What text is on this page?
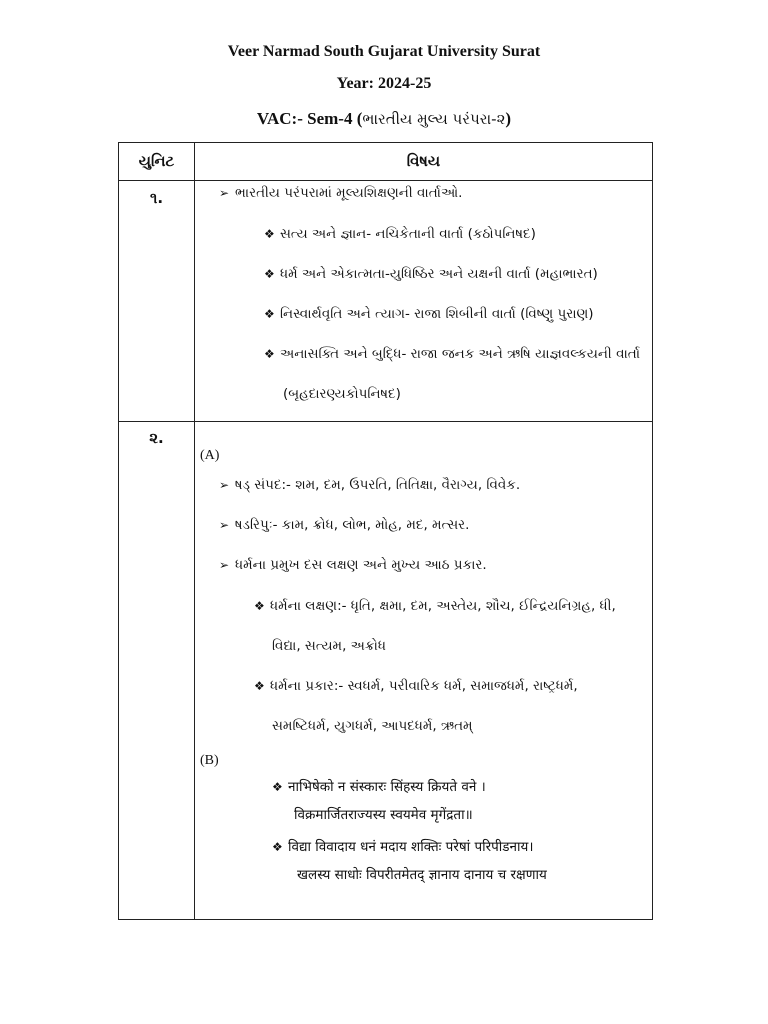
Veer Narmad South Gujarat University Surat
Year: 2024-25
VAC:- Sem-4 (ભારતીય મુલ્ય પરંપરા-૨)
યુનિટ	વિષય
૧.	➢ ભારતીય પરંપરામાં મૂલ્યશિક્ષણની વાર્તાઓ.
❖ સત્ય અને જ્ઞાન- નચિકેતાની વાર્તા (કઠોપનિષદ)
❖ ધર્મ અને એકાત્મતા-યુધિષ્ઠિર અને યક્ષની વાર્તા (મહાભારત)
❖ નિસ્વાર્થવૃતિ અને ત્યાગ- રાજા શિબીની વાર્તા (વિષ્ણુ પુરાણ)
❖ અનાસક્તિ અને બુદ્ધિ- રાજા જનક અને ઋષિ યાજ્ઞવલ્કયની વાર્તા
(બૃહદારણ્યકોપનિષદ)
૨.
(A)
➢ ષડ્ સંપદ:- શમ, દમ, ઉપરતિ, તિતિક્ષા, વૈરાગ્ય, વિવેક.
➢ ષડરિપુઃ- કામ, ક્રોધ, લોભ, મોહ, મદ, મત્સર.
➢ ધર્મના પ્રમુખ દસ લક્ષણ અને મુખ્ય આઠ પ્રકાર.
❖ ધર્મના લક્ષણ:- ધૃતિ, ક્ષમા, દમ, અસ્તેય, શૌચ, ઈન્દ્રિયનિગ્રહ, ધી,
વિદ્યા, સત્યમ, અક્રોધ
❖ ધર્મના પ્રકાર:- સ્વધર્મ, પરીવારિક ધર્મ, સમાજધર્મ, રાષ્ટ્રધર્મ,
સમષ્ટિધર્મ, યુગધર્મ, આપદધર્મ, ઋતમ્
(B)
❖ नाभिषेको न संस्कारः सिंहस्य क्रियते वने ।
विक्रमार्जितराज्यस्य स्वयमेव मृगेंद्रता॥
❖ विद्या विवादाय धनं मदाय शक्तिः परेषां परिपीडनाय।
खलस्य साधोः विपरीतमेतद् ज्ञानाय दानाय च रक्षणाय
